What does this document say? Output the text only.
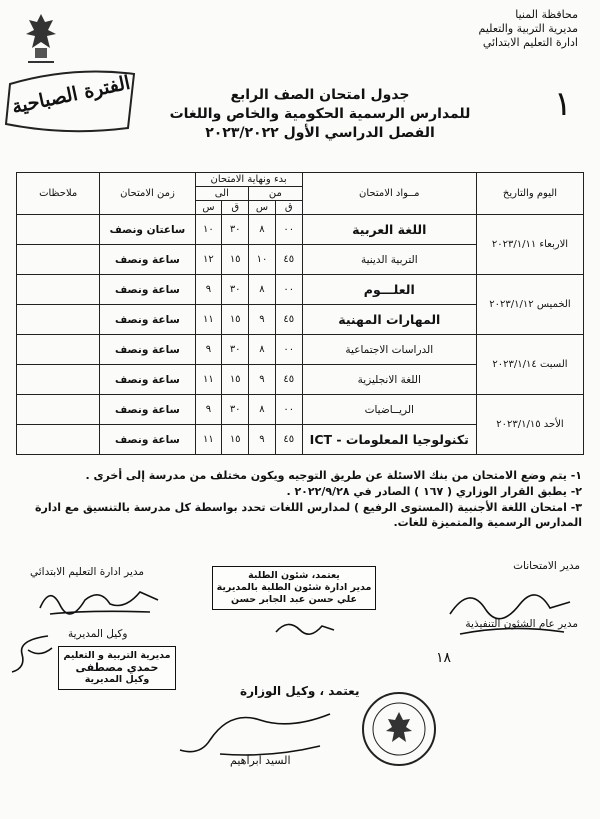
محافظة المنيا
مديرية التربية والتعليم
ادارة التعليم الابتدائي
الفترة الصباحية	١
جدول امتحان الصف الرابع
للمدارس الرسمية الحكومية والخاص واللغات
الفصل الدراسي الأول ٢٠٢٣/٢٠٢٢
اليوم والتاريخ	مــواد الامتحان	بدء ونهاية الامتحان				زمن الامتحان	ملاحظات
		من		الى			
		ق	س	ق	س		
الاربعاء ٢٠٢٣/١/١١	اللغة العربية	٠٠	٨	٣٠	١٠	ساعتان ونصف	
	التربية الدينية	٤٥	١٠	١٥	١٢	ساعة ونصف	
الخميس ٢٠٢٣/١/١٢	العلـــوم	٠٠	٨	٣٠	٩	ساعة ونصف	
	المهارات المهنية	٤٥	٩	١٥	١١	ساعة ونصف	
السبت ٢٠٢٣/١/١٤	الدراسات الاجتماعية	٠٠	٨	٣٠	٩	ساعة ونصف	
	اللغة الانجليزية	٤٥	٩	١٥	١١	ساعة ونصف	
الأحد ٢٠٢٣/١/١٥	الريــاضيات	٠٠	٨	٣٠	٩	ساعة ونصف	
	تكنولوجيا المعلومات - ICT	٤٥	٩	١٥	١١	ساعة ونصف	
١- يتم وضع الامتحان من بنك الاسئلة عن طريق التوجيه ويكون مختلف من مدرسة إلى أخرى .
٢- يطبق القرار الوزاري ( ١٦٧ ) الصادر في ٢٠٢٢/٩/٢٨ .
٣- امتحان اللغة الأجنبية (المستوى الرفيع ) لمدارس اللغات تحدد بواسطة كل مدرسة بالتنسيق مع ادارة المدارس الرسمية والمتميزة للغات.
مدير الامتحانات
مدير ادارة التعليم الابتدائي
وكيل المديرية
مدير عام الشئون التنفيذية
يعتمد ، وكيل الوزارة
يعتمد، شئون الطلبة
مدير ادارة شئون الطلبة بالمديرية
علي حسن عبد الجابر حسن
مديرية التربية و التعليم
حمدي مصطفى
وكيل المديرية
السيد ابراهيم
١٨
